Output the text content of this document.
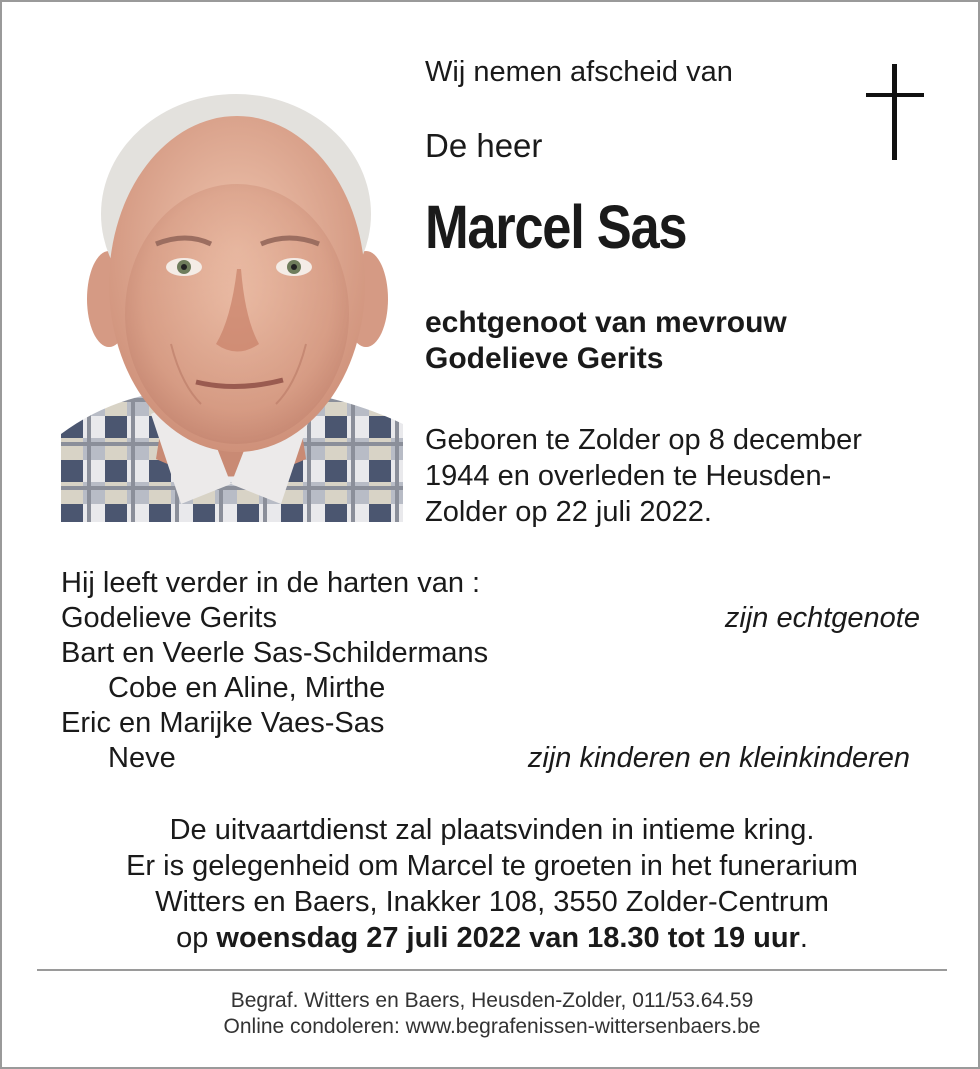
Wij nemen afscheid van
De heer
Marcel Sas
echtgenoot van mevrouw
Godelieve Gerits
Geboren te Zolder op 8 december
1944 en overleden te Heusden-
Zolder op 22 juli 2022.
Hij leeft verder in de harten van :
Godelieve Gerits	zijn echtgenote
Bart en Veerle Sas-Schildermans
Cobe en Aline, Mirthe
Eric en Marijke Vaes-Sas
Neve	zijn kinderen en kleinkinderen
De uitvaartdienst zal plaatsvinden in intieme kring.
Er is gelegenheid om Marcel te groeten in het funerarium
Witters en Baers, Inakker 108, 3550 Zolder-Centrum
op woensdag 27 juli 2022 van 18.30 tot 19 uur.
Begraf. Witters en Baers, Heusden-Zolder, 011/53.64.59
Online condoleren: www.begrafenissen-wittersenbaers.be
